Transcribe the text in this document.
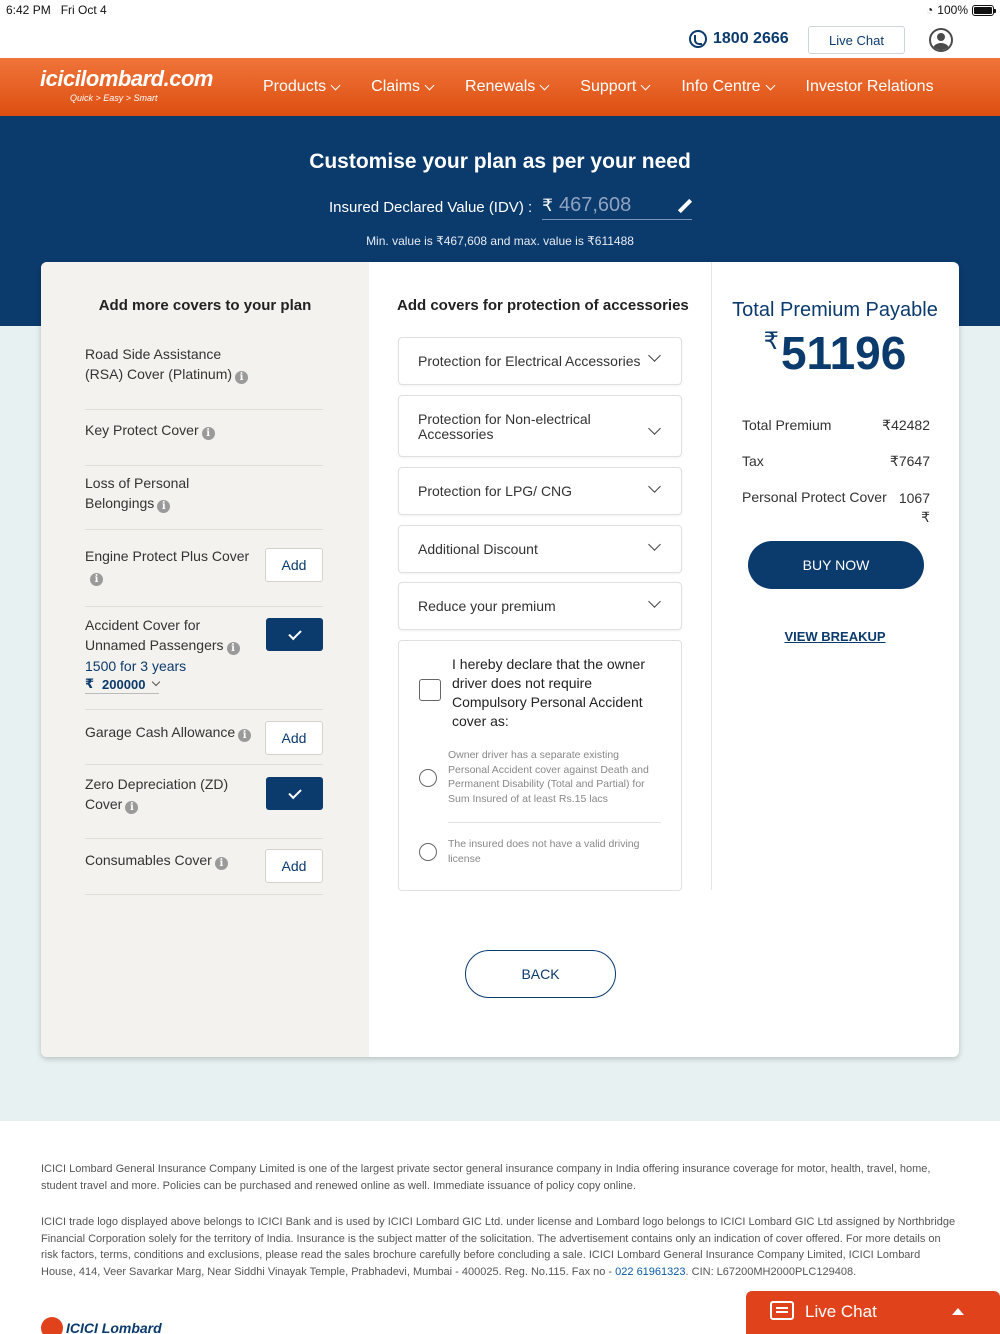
6:42 PM Fri Oct 4	◔ 100%
1800 2666	Live Chat
icicilombard.com
Quick > Easy > Smart
Products	Claims	Renewals	Support	Info Centre	Investor Relations
Customise your plan as per your need
Insured Declared Value (IDV) : ₹ 467,608
Min. value is ₹467,608 and max. value is ₹611488
Add more covers to your plan
Road Side Assistance (RSA) Cover (Platinum) i
Key Protect Cover i
Loss of Personal Belongings i
Engine Protect Plus Cover
i
Add
Accident Cover for Unnamed Passengers i
1500 for 3 years
₹ 200000
Garage Cash Allowance i	Add
Zero Depreciation (ZD) Cover i
Consumables Cover i	Add
Add covers for protection of accessories
Protection for Electrical Accessories
Protection for Non-electrical Accessories
Protection for LPG/ CNG
Additional Discount
Reduce your premium
I hereby declare that the owner driver does not require Compulsory Personal Accident cover as:
Owner driver has a separate existing Personal Accident cover against Death and Permanent Disability (Total and Partial) for Sum Insured of at least Rs.15 lacs
The insured does not have a valid driving license
BACK
Total Premium Payable
₹51196
Total Premium	₹42482
Tax	₹7647
Personal Protect Cover 1067
₹
BUY NOW
VIEW BREAKUP

ICICI Lombard General Insurance Company Limited is one of the largest private sector general insurance company in India offering insurance coverage for motor, health, travel, home, student travel and more. Policies can be purchased and renewed online as well. Immediate issuance of policy copy online.

ICICI trade logo displayed above belongs to ICICI Bank and is used by ICICI Lombard GIC Ltd. under license and Lombard logo belongs to ICICI Lombard GIC Ltd assigned by Northbridge Financial Corporation solely for the territory of India. Insurance is the subject matter of the solicitation. The advertisement contains only an indication of cover offered. For more details on risk factors, terms, conditions and exclusions, please read the sales brochure carefully before concluding a sale. ICICI Lombard General Insurance Company Limited, ICICI Lombard House, 414, Veer Savarkar Marg, Near Siddhi Vinayak Temple, Prabhadevi, Mumbai - 400025. Reg. No.115. Fax no - 022 61961323. CIN: L67200MH2000PLC129408.

ICICI Lombard
Live Chat
